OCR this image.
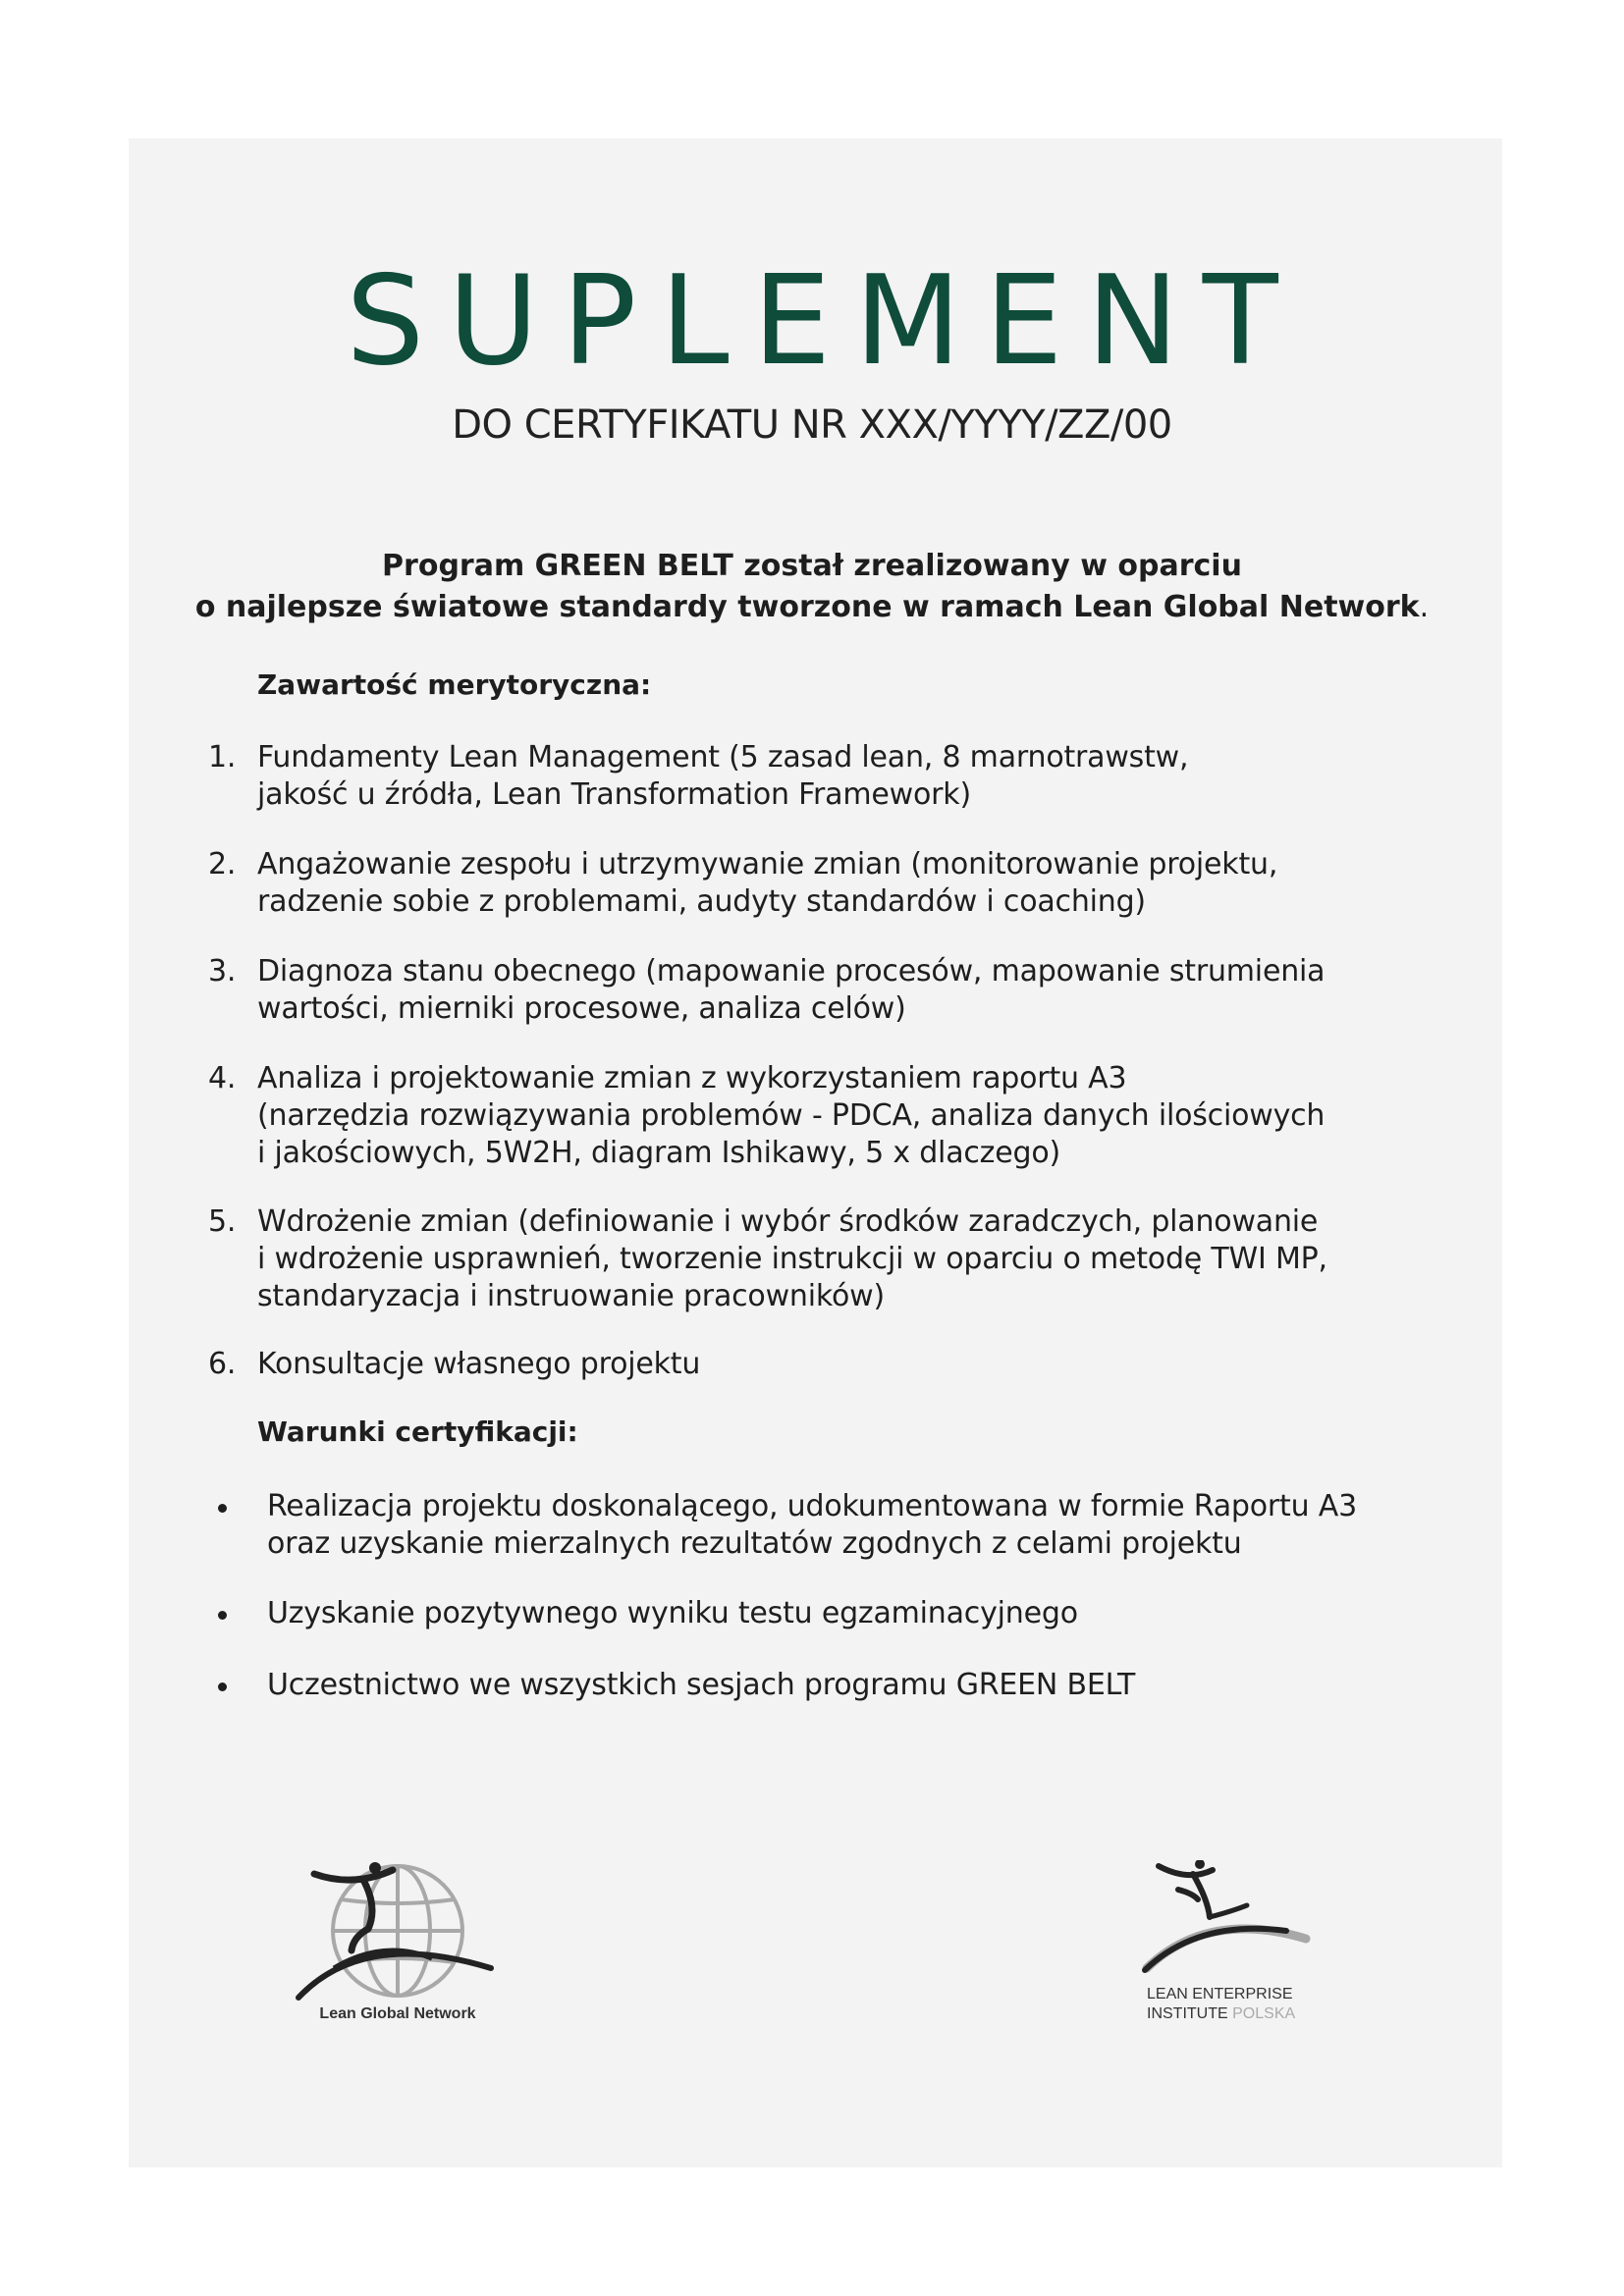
SUPLEMENT
DO CERTYFIKATU NR XXX/YYYY/ZZ/00
Program GREEN BELT został zrealizowany w oparciu
o najlepsze światowe standardy tworzone w ramach Lean Global Network.
Zawartość merytoryczna:
1. Fundamenty Lean Management (5 zasad lean, 8 marnotrawstw,
jakość u źródła, Lean Transformation Framework)
2. Angażowanie zespołu i utrzymywanie zmian (monitorowanie projektu,
radzenie sobie z problemami, audyty standardów i coaching)
3. Diagnoza stanu obecnego (mapowanie procesów, mapowanie strumienia
wartości, mierniki procesowe, analiza celów)
4. Analiza i projektowanie zmian z wykorzystaniem raportu A3
(narzędzia rozwiązywania problemów - PDCA, analiza danych ilościowych
i jakościowych, 5W2H, diagram Ishikawy, 5 x dlaczego)
5. Wdrożenie zmian (definiowanie i wybór środków zaradczych, planowanie
i wdrożenie usprawnień, tworzenie instrukcji w oparciu o metodę TWI MP,
standaryzacja i instruowanie pracowników)
6. Konsultacje własnego projektu
Warunki certyfikacji:
Realizacja projektu doskonalącego, udokumentowana w formie Raportu A3
oraz uzyskanie mierzalnych rezultatów zgodnych z celami projektu
Uzyskanie pozytywnego wyniku testu egzaminacyjnego
Uczestnictwo we wszystkich sesjach programu GREEN BELT
Lean Global Network
LEAN ENTERPRISE
INSTITUTE POLSKA
